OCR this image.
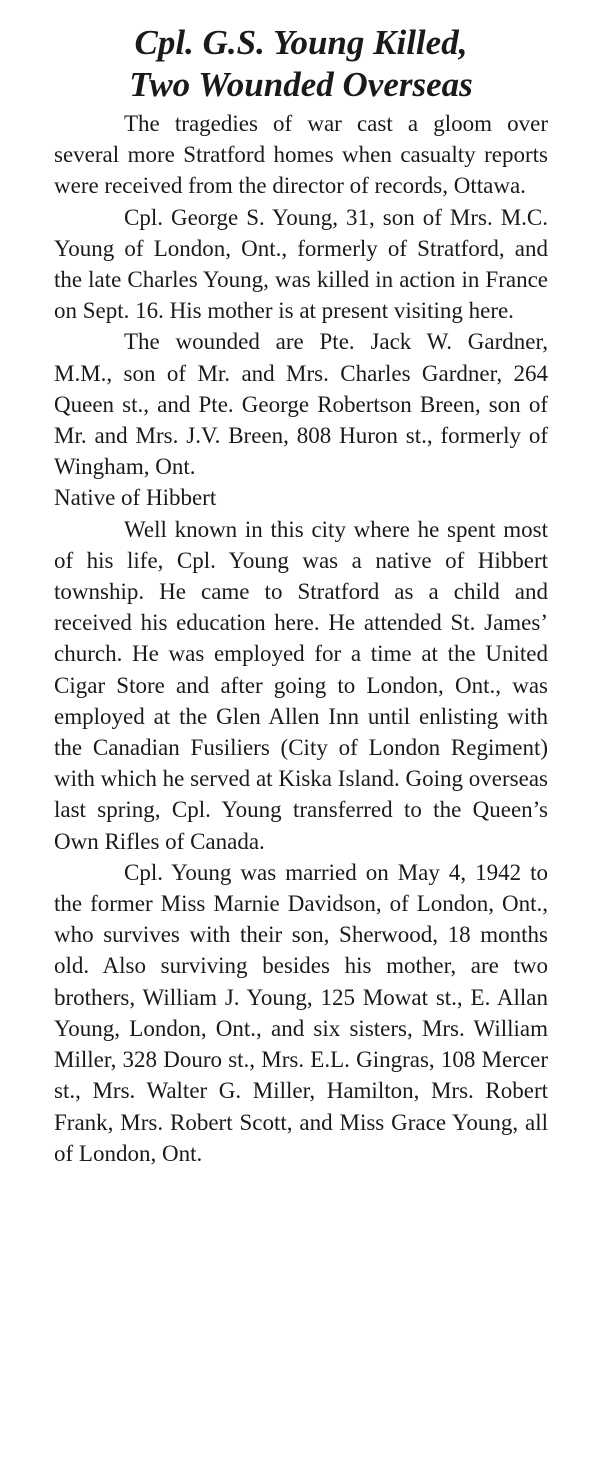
Cpl. G.S. Young Killed,
Two Wounded Overseas

The tragedies of war cast a gloom over several more Stratford homes when casualty reports were received from the director of records, Ottawa.

Cpl. George S. Young, 31, son of Mrs. M.C. Young of London, Ont., formerly of Stratford, and the late Charles Young, was killed in action in France on Sept. 16. His mother is at present visiting here.

The wounded are Pte. Jack W. Gardner, M.M., son of Mr. and Mrs. Charles Gardner, 264 Queen st., and Pte. George Robertson Breen, son of Mr. and Mrs. J.V. Breen, 808 Huron st., formerly of Wingham, Ont.

Native of Hibbert

Well known in this city where he spent most of his life, Cpl. Young was a native of Hibbert township. He came to Stratford as a child and received his education here. He attended St. James’ church. He was employed for a time at the United Cigar Store and after going to London, Ont., was employed at the Glen Allen Inn until enlisting with the Canadian Fusiliers (City of London Regiment) with which he served at Kiska Island. Going overseas last spring, Cpl. Young transferred to the Queen’s Own Rifles of Canada.

Cpl. Young was married on May 4, 1942 to the former Miss Marnie Davidson, of London, Ont., who survives with their son, Sherwood, 18 months old. Also surviving besides his mother, are two brothers, William J. Young, 125 Mowat st., E. Allan Young, London, Ont., and six sisters, Mrs. William Miller, 328 Douro st., Mrs. E.L. Gingras, 108 Mercer st., Mrs. Walter G. Miller, Hamilton, Mrs. Robert Frank, Mrs. Robert Scott, and Miss Grace Young, all of London, Ont.
